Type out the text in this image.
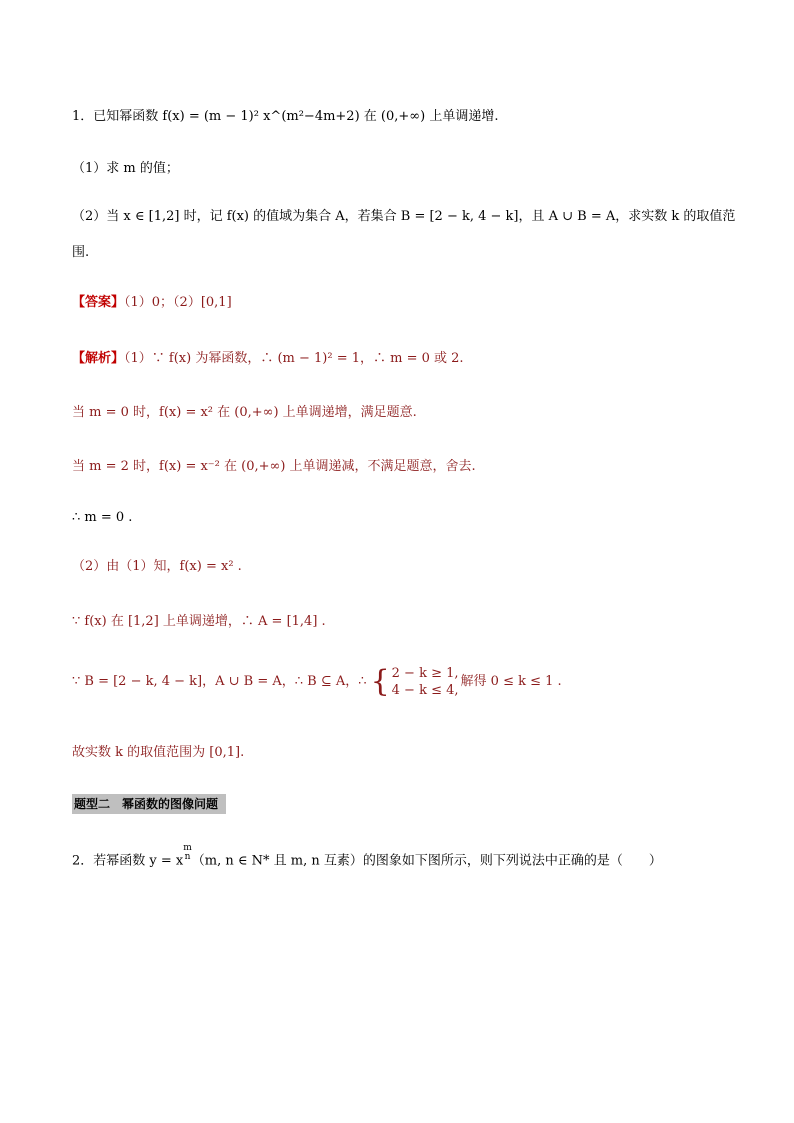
1．已知幂函数 f(x) = (m − 1)² x^(m²−4m+2) 在 (0,+∞) 上单调递增.
（1）求 m 的值；
（2）当 x ∈ [1,2] 时，记 f(x) 的值域为集合 A，若集合 B = [2 − k, 4 − k]，且 A ∪ B = A，求实数 k 的取值范
围.
【答案】（1）0；（2）[0,1]
【解析】（1）∵ f(x) 为幂函数，∴ (m − 1)² = 1，∴ m = 0 或 2.
当 m = 0 时，f(x) = x² 在 (0,+∞) 上单调递增，满足题意.
当 m = 2 时，f(x) = x⁻² 在 (0,+∞) 上单调递减，不满足题意，舍去.
∴ m = 0 .
（2）由（1）知，f(x) = x² .
∵ f(x) 在 [1,2] 上单调递增，∴ A = [1,4] .
∵ B = [2 − k, 4 − k]，A ∪ B = A，∴ B ⊆ A，∴ { 2 − k ≥ 1,
4 − k ≤ 4,
解得 0 ≤ k ≤ 1 .
故实数 k 的取值范围为 [0,1].
题型二　幂函数的图像问题
2．若幂函数 y = x
m
n （m, n ∈ N* 且 m, n 互素）的图象如下图所示，则下列说法中正确的是（　　）
